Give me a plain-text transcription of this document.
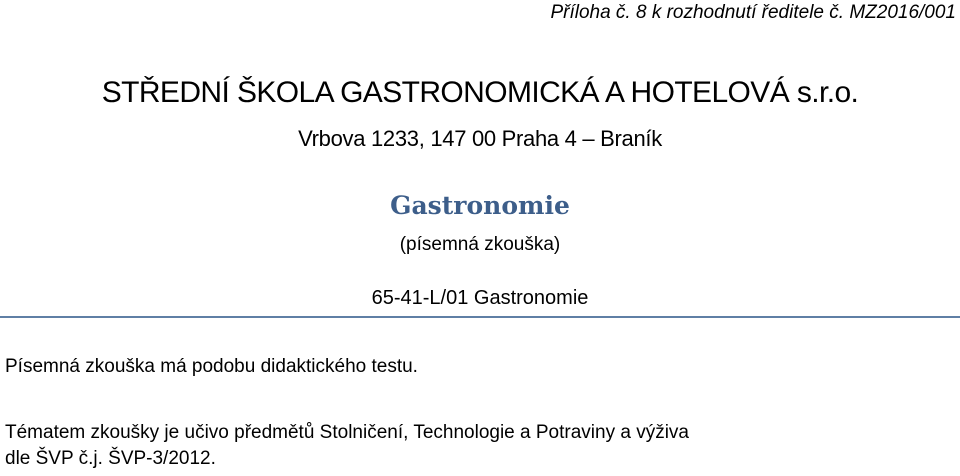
Příloha č. 8 k rozhodnutí ředitele č. MZ2016/001
STŘEDNÍ ŠKOLA GASTRONOMICKÁ A HOTELOVÁ s.r.o.
Vrbova 1233, 147 00 Praha 4 – Braník
Gastronomie
(písemná zkouška)
65-41-L/01 Gastronomie
Písemná zkouška má podobu didaktického testu.
Tématem zkoušky je učivo předmětů Stolničení, Technologie a Potraviny a výživa
dle ŠVP č.j. ŠVP-3/2012.
